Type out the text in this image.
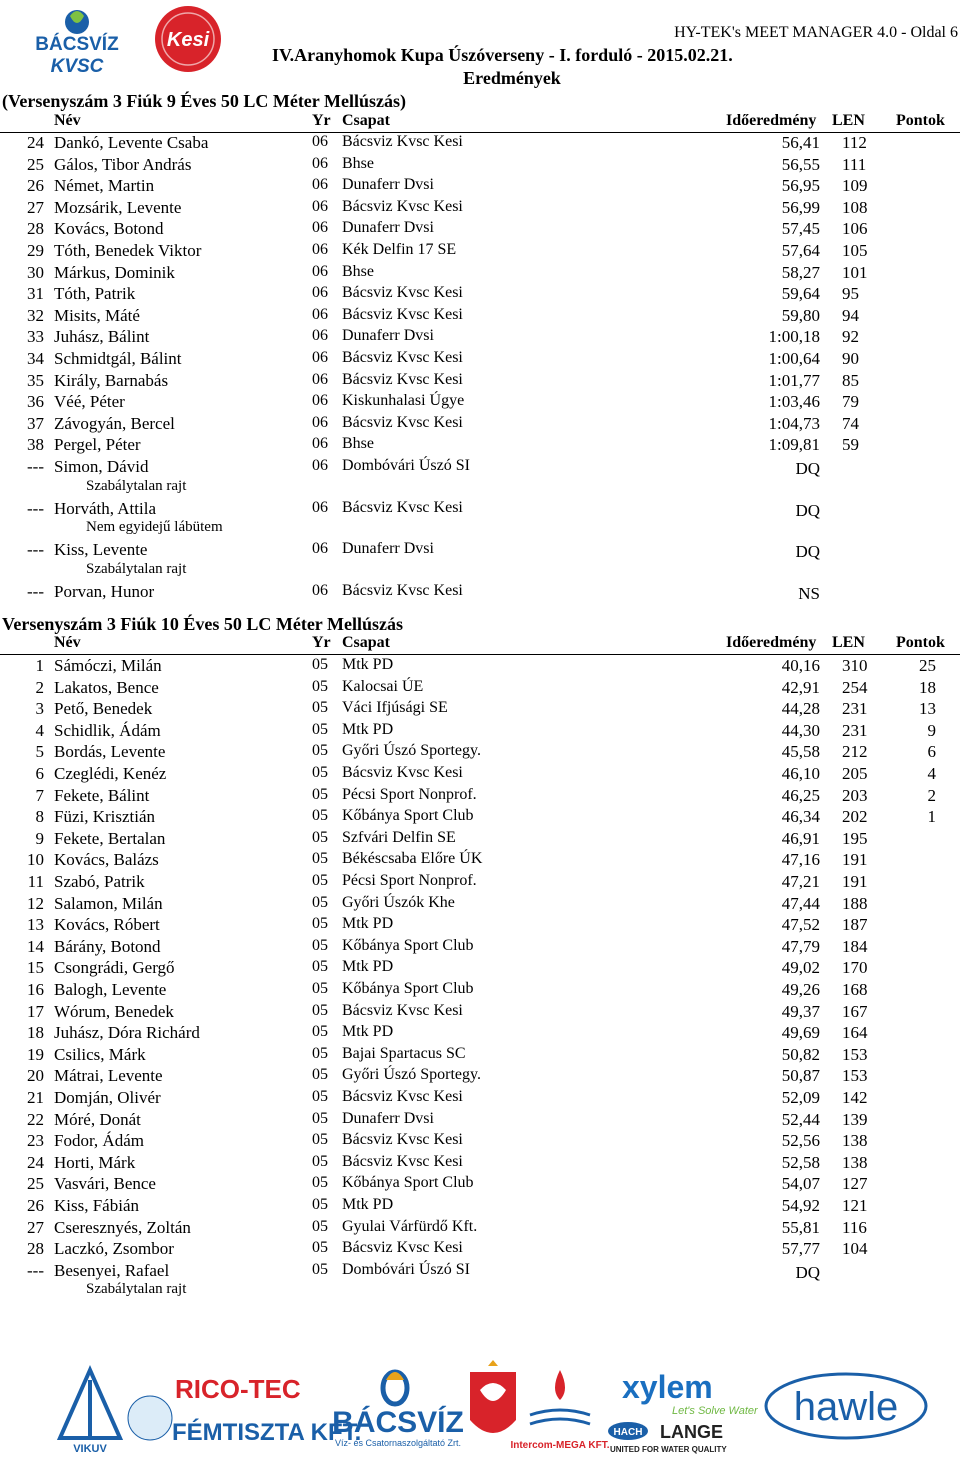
BÁCSVÍZ
KVSC
Kesi	HY-TEK's MEET MANAGER 4.0 - Oldal 6
IV.Aranyhomok Kupa Úszóverseny - I. forduló - 2015.02.21.
Eredmények
(Versenyszám 3 Fiúk 9 Éves 50 LC Méter Mellúszás)
Név	Yr Csapat	Időeredmény LEN Pontok
24 Dankó, Levente Csaba	06 Bácsviz Kvsc Kesi	56,41 112
25 Gálos, Tibor András	06 Bhse	56,55 111
26 Német, Martin	06 Dunaferr Dvsi	56,95 109
27 Mozsárik, Levente	06 Bácsviz Kvsc Kesi	56,99 108
28 Kovács, Botond	06 Dunaferr Dvsi	57,45 106
29 Tóth, Benedek Viktor	06 Kék Delfin 17 SE	57,64 105
30 Márkus, Dominik	06 Bhse	58,27 101
31 Tóth, Patrik	06 Bácsviz Kvsc Kesi	59,64 95
32 Misits, Máté	06 Bácsviz Kvsc Kesi	59,80 94
33 Juhász, Bálint	06 Dunaferr Dvsi	1:00,18 92
34 Schmidtgál, Bálint	06 Bácsviz Kvsc Kesi	1:00,64 90
35 Király, Barnabás	06 Bácsviz Kvsc Kesi	1:01,77 85
36 Véé, Péter	06 Kiskunhalasi Úgye	1:03,46 79
37 Závogyán, Bercel	06 Bácsviz Kvsc Kesi	1:04,73 74
38 Pergel, Péter	06 Bhse	1:09,81 59
--- Simon, Dávid	06 Dombóvári Úszó SI	DQ
Szabálytalan rajt
--- Horváth, Attila	06 Bácsviz Kvsc Kesi	DQ
Nem egyidejű lábütem
--- Kiss, Levente	06 Dunaferr Dvsi	DQ
Szabálytalan rajt
--- Porvan, Hunor	06 Bácsviz Kvsc Kesi	NS
Versenyszám 3 Fiúk 10 Éves 50 LC Méter Mellúszás
Név	Yr Csapat	Időeredmény LEN Pontok
1 Sámóczi, Milán	05 Mtk PD	40,16 310	25
2 Lakatos, Bence	05 Kalocsai ÚE	42,91 254	18
3 Pető, Benedek	05 Váci Ifjúsági SE	44,28 231	13
4 Schidlik, Ádám	05 Mtk PD	44,30 231	9
5 Bordás, Levente	05 Győri Úszó Sportegy.	45,58 212	6
6 Czeglédi, Kenéz	05 Bácsviz Kvsc Kesi	46,10 205	4
7 Fekete, Bálint	05 Pécsi Sport Nonprof.	46,25 203	2
8 Füzi, Krisztián	05 Kőbánya Sport Club	46,34 202	1
9 Fekete, Bertalan	05 Szfvári Delfin SE	46,91 195
10 Kovács, Balázs	05 Békéscsaba Előre ÚK	47,16 191
11 Szabó, Patrik	05 Pécsi Sport Nonprof.	47,21 191
12 Salamon, Milán	05 Győri Úszók Khe	47,44 188
13 Kovács, Róbert	05 Mtk PD	47,52 187
14 Bárány, Botond	05 Kőbánya Sport Club	47,79 184
15 Csongrádi, Gergő	05 Mtk PD	49,02 170
16 Balogh, Levente	05 Kőbánya Sport Club	49,26 168
17 Wórum, Benedek	05 Bácsviz Kvsc Kesi	49,37 167
18 Juhász, Dóra Richárd	05 Mtk PD	49,69 164
19 Csilics, Márk	05 Bajai Spartacus SC	50,82 153
20 Mátrai, Levente	05 Győri Úszó Sportegy.	50,87 153
21 Domján, Olivér	05 Bácsviz Kvsc Kesi	52,09 142
22 Móré, Donát	05 Dunaferr Dvsi	52,44 139
23 Fodor, Ádám	05 Bácsviz Kvsc Kesi	52,56 138
24 Horti, Márk	05 Bácsviz Kvsc Kesi	52,58 138
25 Vasvári, Bence	05 Kőbánya Sport Club	54,07 127
26 Kiss, Fábián	05 Mtk PD	54,92 121
27 Cseresznyés, Zoltán	05 Gyulai Várfürdő Kft.	55,81 116
28 Laczkó, Zsombor	05 Bácsviz Kvsc Kesi	57,77 104
--- Besenyei, Rafael	05 Dombóvári Úszó SI	DQ
Szabálytalan rajt
VIKUV
RICO-TEC
FÉMTISZTA KFT.
BÁCSVÍZ
Víz- és Csatornaszolgáltató Zrt.	Intercom-MEGA KFT.
xylem
Let's Solve Water
HACH LANGE
UNITED FOR WATER QUALITY
hawle
